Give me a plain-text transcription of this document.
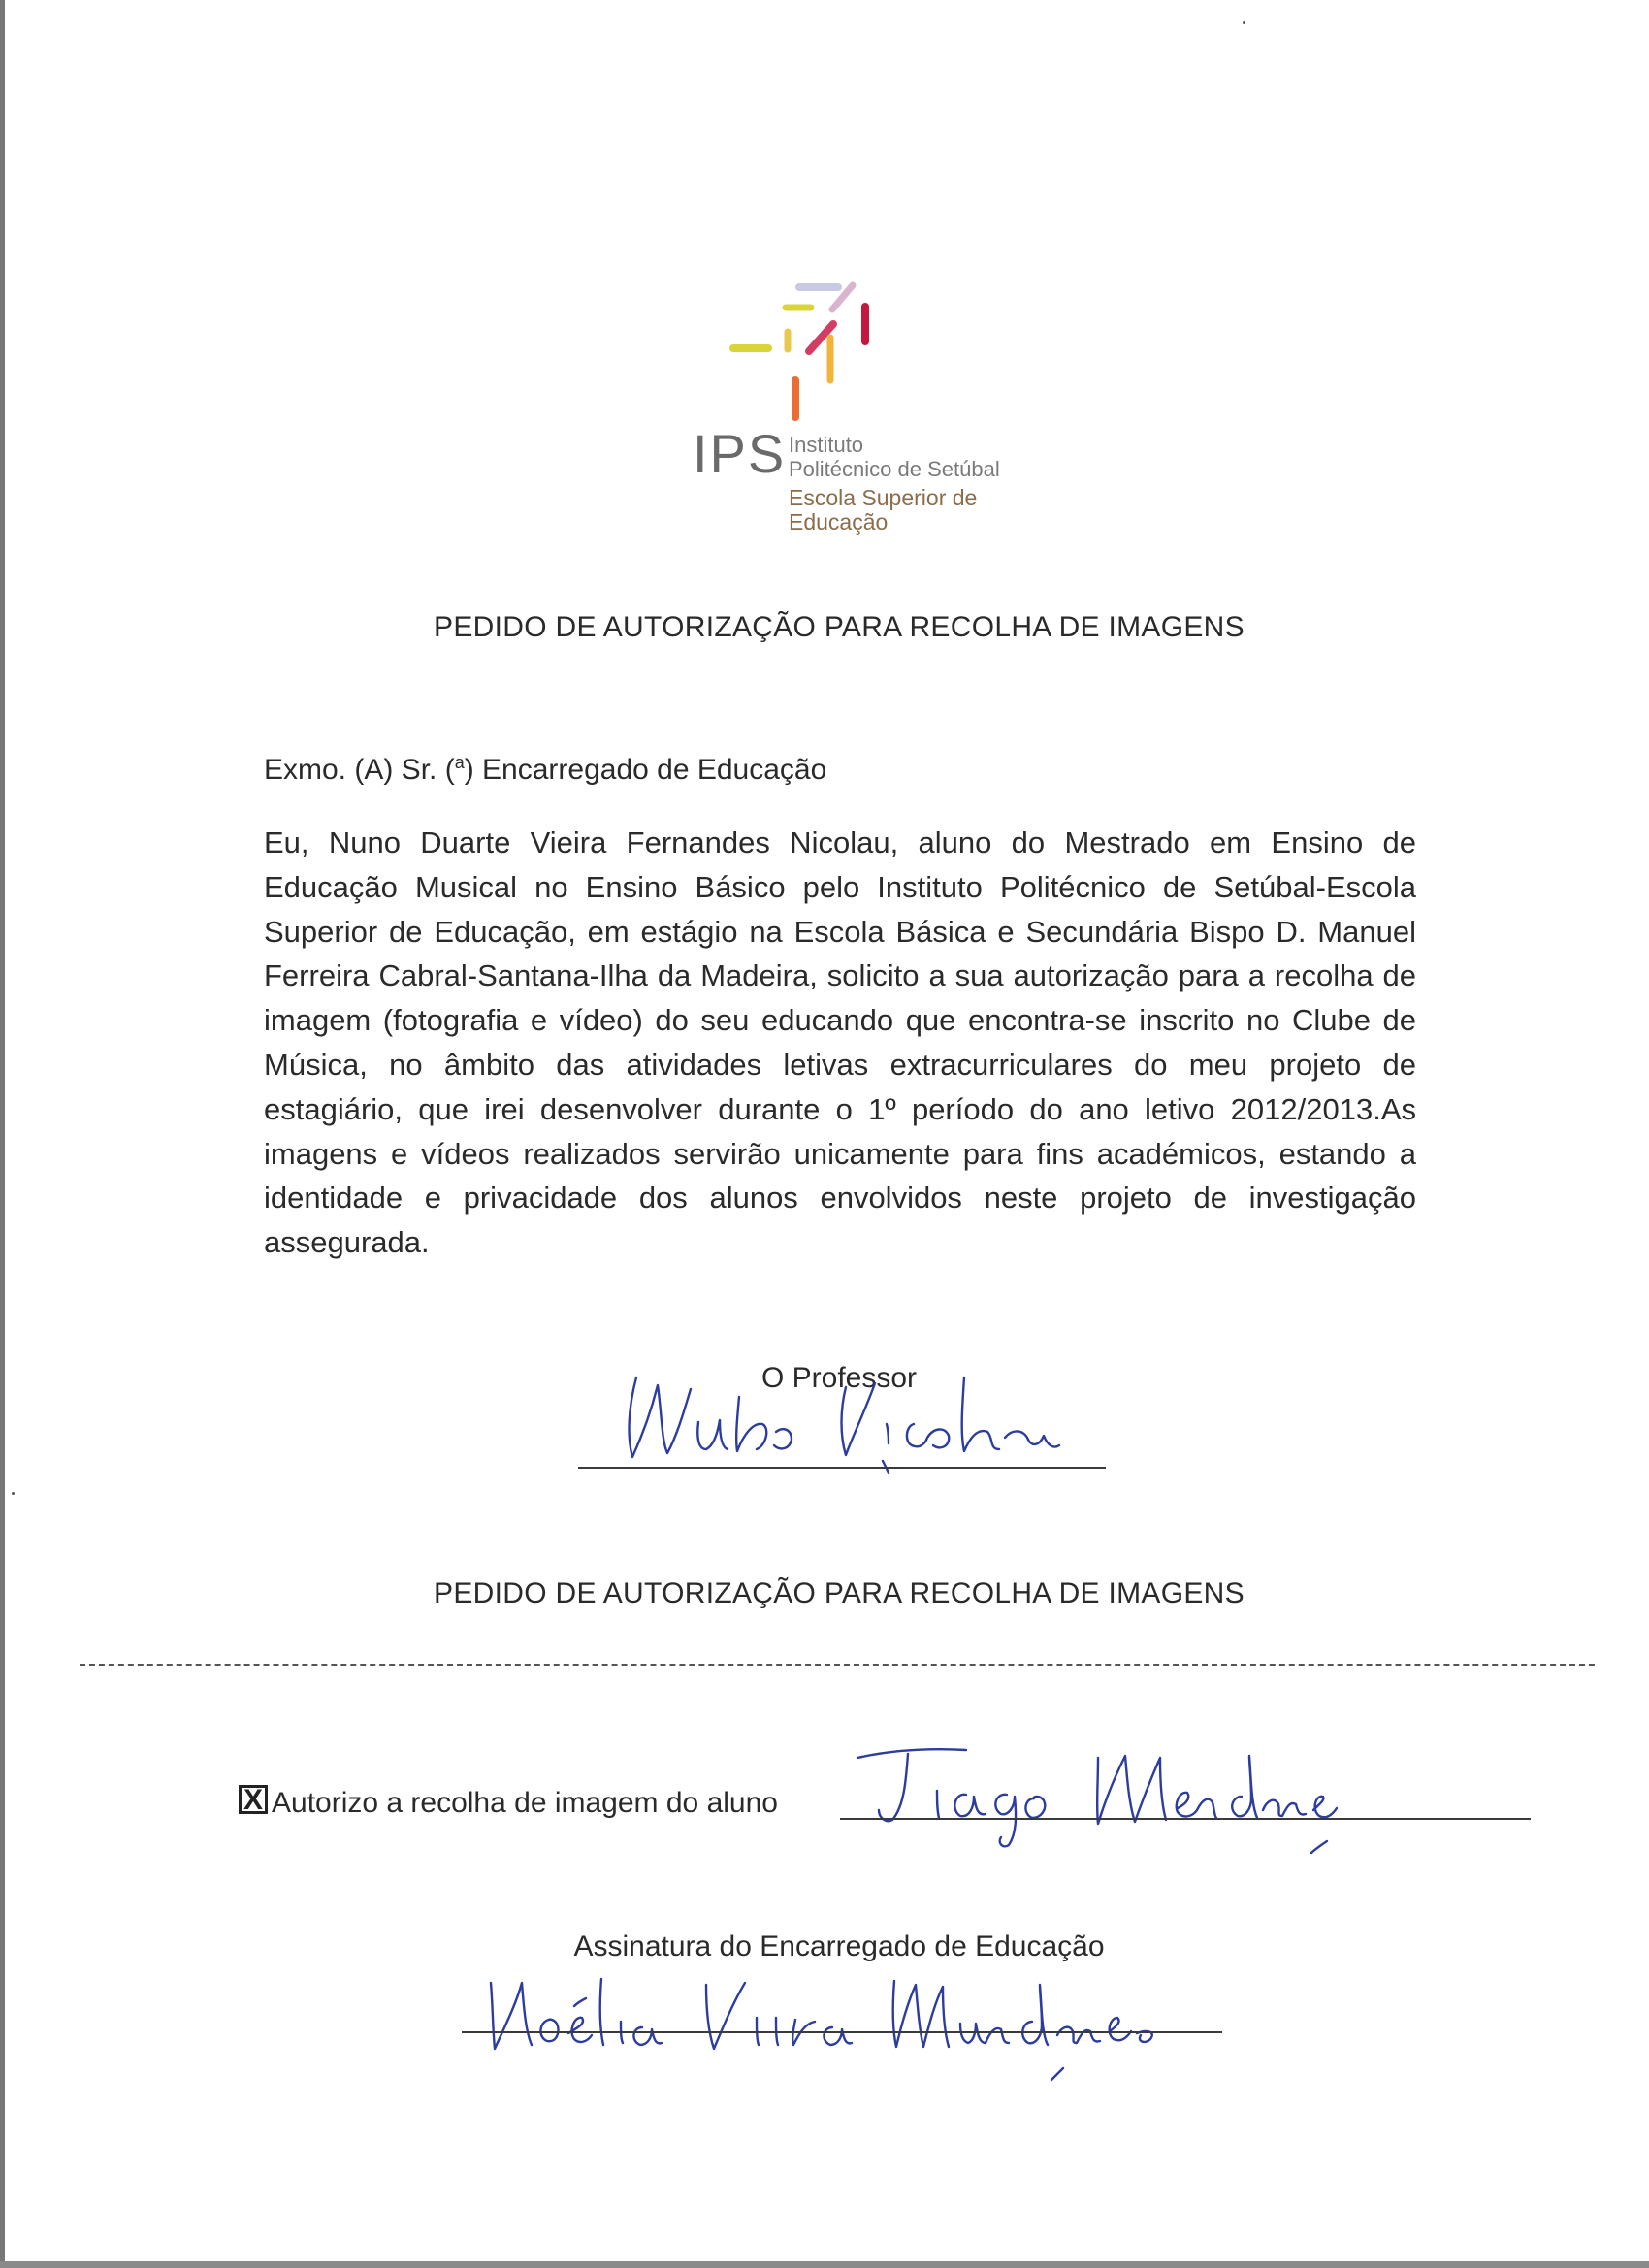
IPS Instituto
Politécnico de Setúbal
Escola Superior de
Educação
PEDIDO DE AUTORIZAÇÃO PARA RECOLHA DE IMAGENS
Exmo. (A) Sr. ($^a$) Encarregado de Educação

Eu, Nuno Duarte Vieira Fernandes Nicolau, aluno do Mestrado em Ensino de Educação Musical no Ensino Básico pelo Instituto Politécnico de Setúbal-Escola Superior de Educação, em estágio na Escola Básica e Secundária Bispo D. Manuel Ferreira Cabral-Santana-Ilha da Madeira, solicito a sua autorização para a recolha de imagem (fotografia e vídeo) do seu educando que encontra-se inscrito no Clube de Música, no âmbito das atividades letivas extracurriculares do meu projeto de estagiário, que irei desenvolver durante o 1º período do ano letivo 2012/2013.As imagens e vídeos realizados servirão unicamente para fins académicos, estando a identidade e privacidade dos alunos envolvidos neste projeto de investigação assegurada.

O Professor
PEDIDO DE AUTORIZAÇÃO PARA RECOLHA DE IMAGENS
X Autorizo a recolha de imagem do aluno
Assinatura do Encarregado de Educação
